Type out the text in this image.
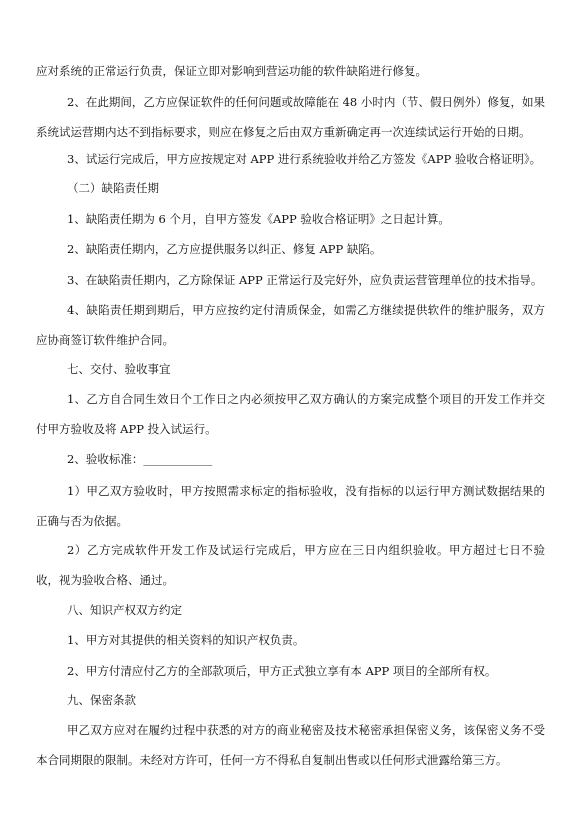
应对系统的正常运行负责，保证立即对影响到营运功能的软件缺陷进行修复。

2、在此期间，乙方应保证软件的任何问题或故障能在 48 小时内（节、假日例外）修复，如果系统试运营期内达不到指标要求，则应在修复之后由双方重新确定再一次连续试运行开始的日期。

3、试运行完成后，甲方应按规定对 APP 进行系统验收并给乙方签发《APP 验收合格证明》。

（二）缺陷责任期

1、缺陷责任期为 6 个月，自甲方签发《APP 验收合格证明》之日起计算。

2、缺陷责任期内，乙方应提供服务以纠正、修复 APP 缺陷。

3、在缺陷责任期内，乙方除保证 APP 正常运行及完好外，应负责运营管理单位的技术指导。

4、缺陷责任期到期后，甲方应按约定付清质保金，如需乙方继续提供软件的维护服务，双方应协商签订软件维护合同。

七、交付、验收事宜

1、乙方自合同生效日个工作日之内必须按甲乙双方确认的方案完成整个项目的开发工作并交付甲方验收及将 APP 投入试运行。

2、验收标准：____________

1）甲乙双方验收时，甲方按照需求标定的指标验收，没有指标的以运行甲方测试数据结果的正确与否为依据。

2）乙方完成软件开发工作及试运行完成后，甲方应在三日内组织验收。甲方超过七日不验收，视为验收合格、通过。

八、知识产权双方约定

1、甲方对其提供的相关资料的知识产权负责。

2、甲方付清应付乙方的全部款项后，甲方正式独立享有本 APP 项目的全部所有权。

九、保密条款

甲乙双方应对在履约过程中获悉的对方的商业秘密及技术秘密承担保密义务，该保密义务不受本合同期限的限制。未经对方许可，任何一方不得私自复制出售或以任何形式泄露给第三方。
